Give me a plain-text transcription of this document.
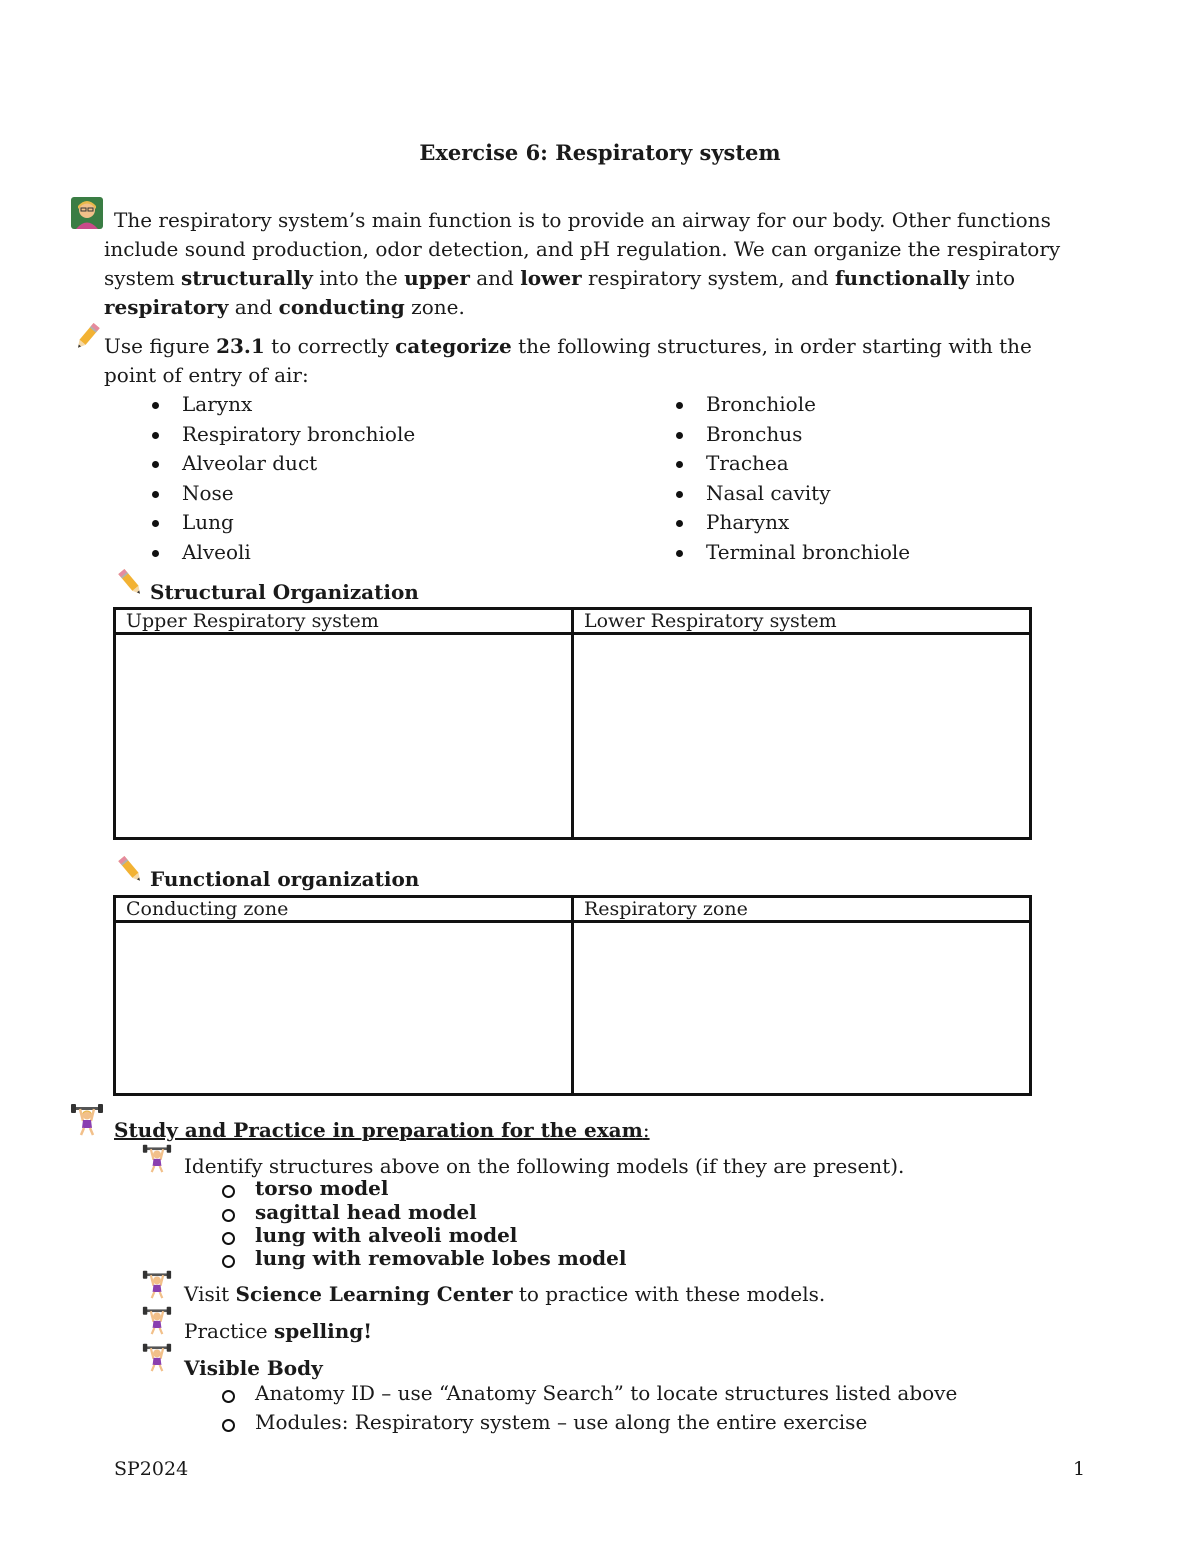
Exercise 6: Respiratory system
The respiratory system’s main function is to provide an airway for our body. Other functions include sound production, odor detection, and pH regulation. We can organize the respiratory system structurally into the upper and lower respiratory system, and functionally into respiratory and conducting zone.
Use figure 23.1 to correctly categorize the following structures, in order starting with the point of entry of air:
Larynx
Respiratory bronchiole
Alveolar duct
Nose
Lung
Alveoli
Bronchiole
Bronchus
Trachea
Nasal cavity
Pharynx
Terminal bronchiole
Structural Organization
Upper Respiratory system	Lower Respiratory system

Functional organization
Conducting zone	Respiratory zone

Study and Practice in preparation for the exam:
Identify structures above on the following models (if they are present).
torso model
sagittal head model
lung with alveoli model
lung with removable lobes model
Visit Science Learning Center to practice with these models.
Practice spelling!
Visible Body
Anatomy ID – use “Anatomy Search” to locate structures listed above
Modules: Respiratory system – use along the entire exercise
SP2024	1
